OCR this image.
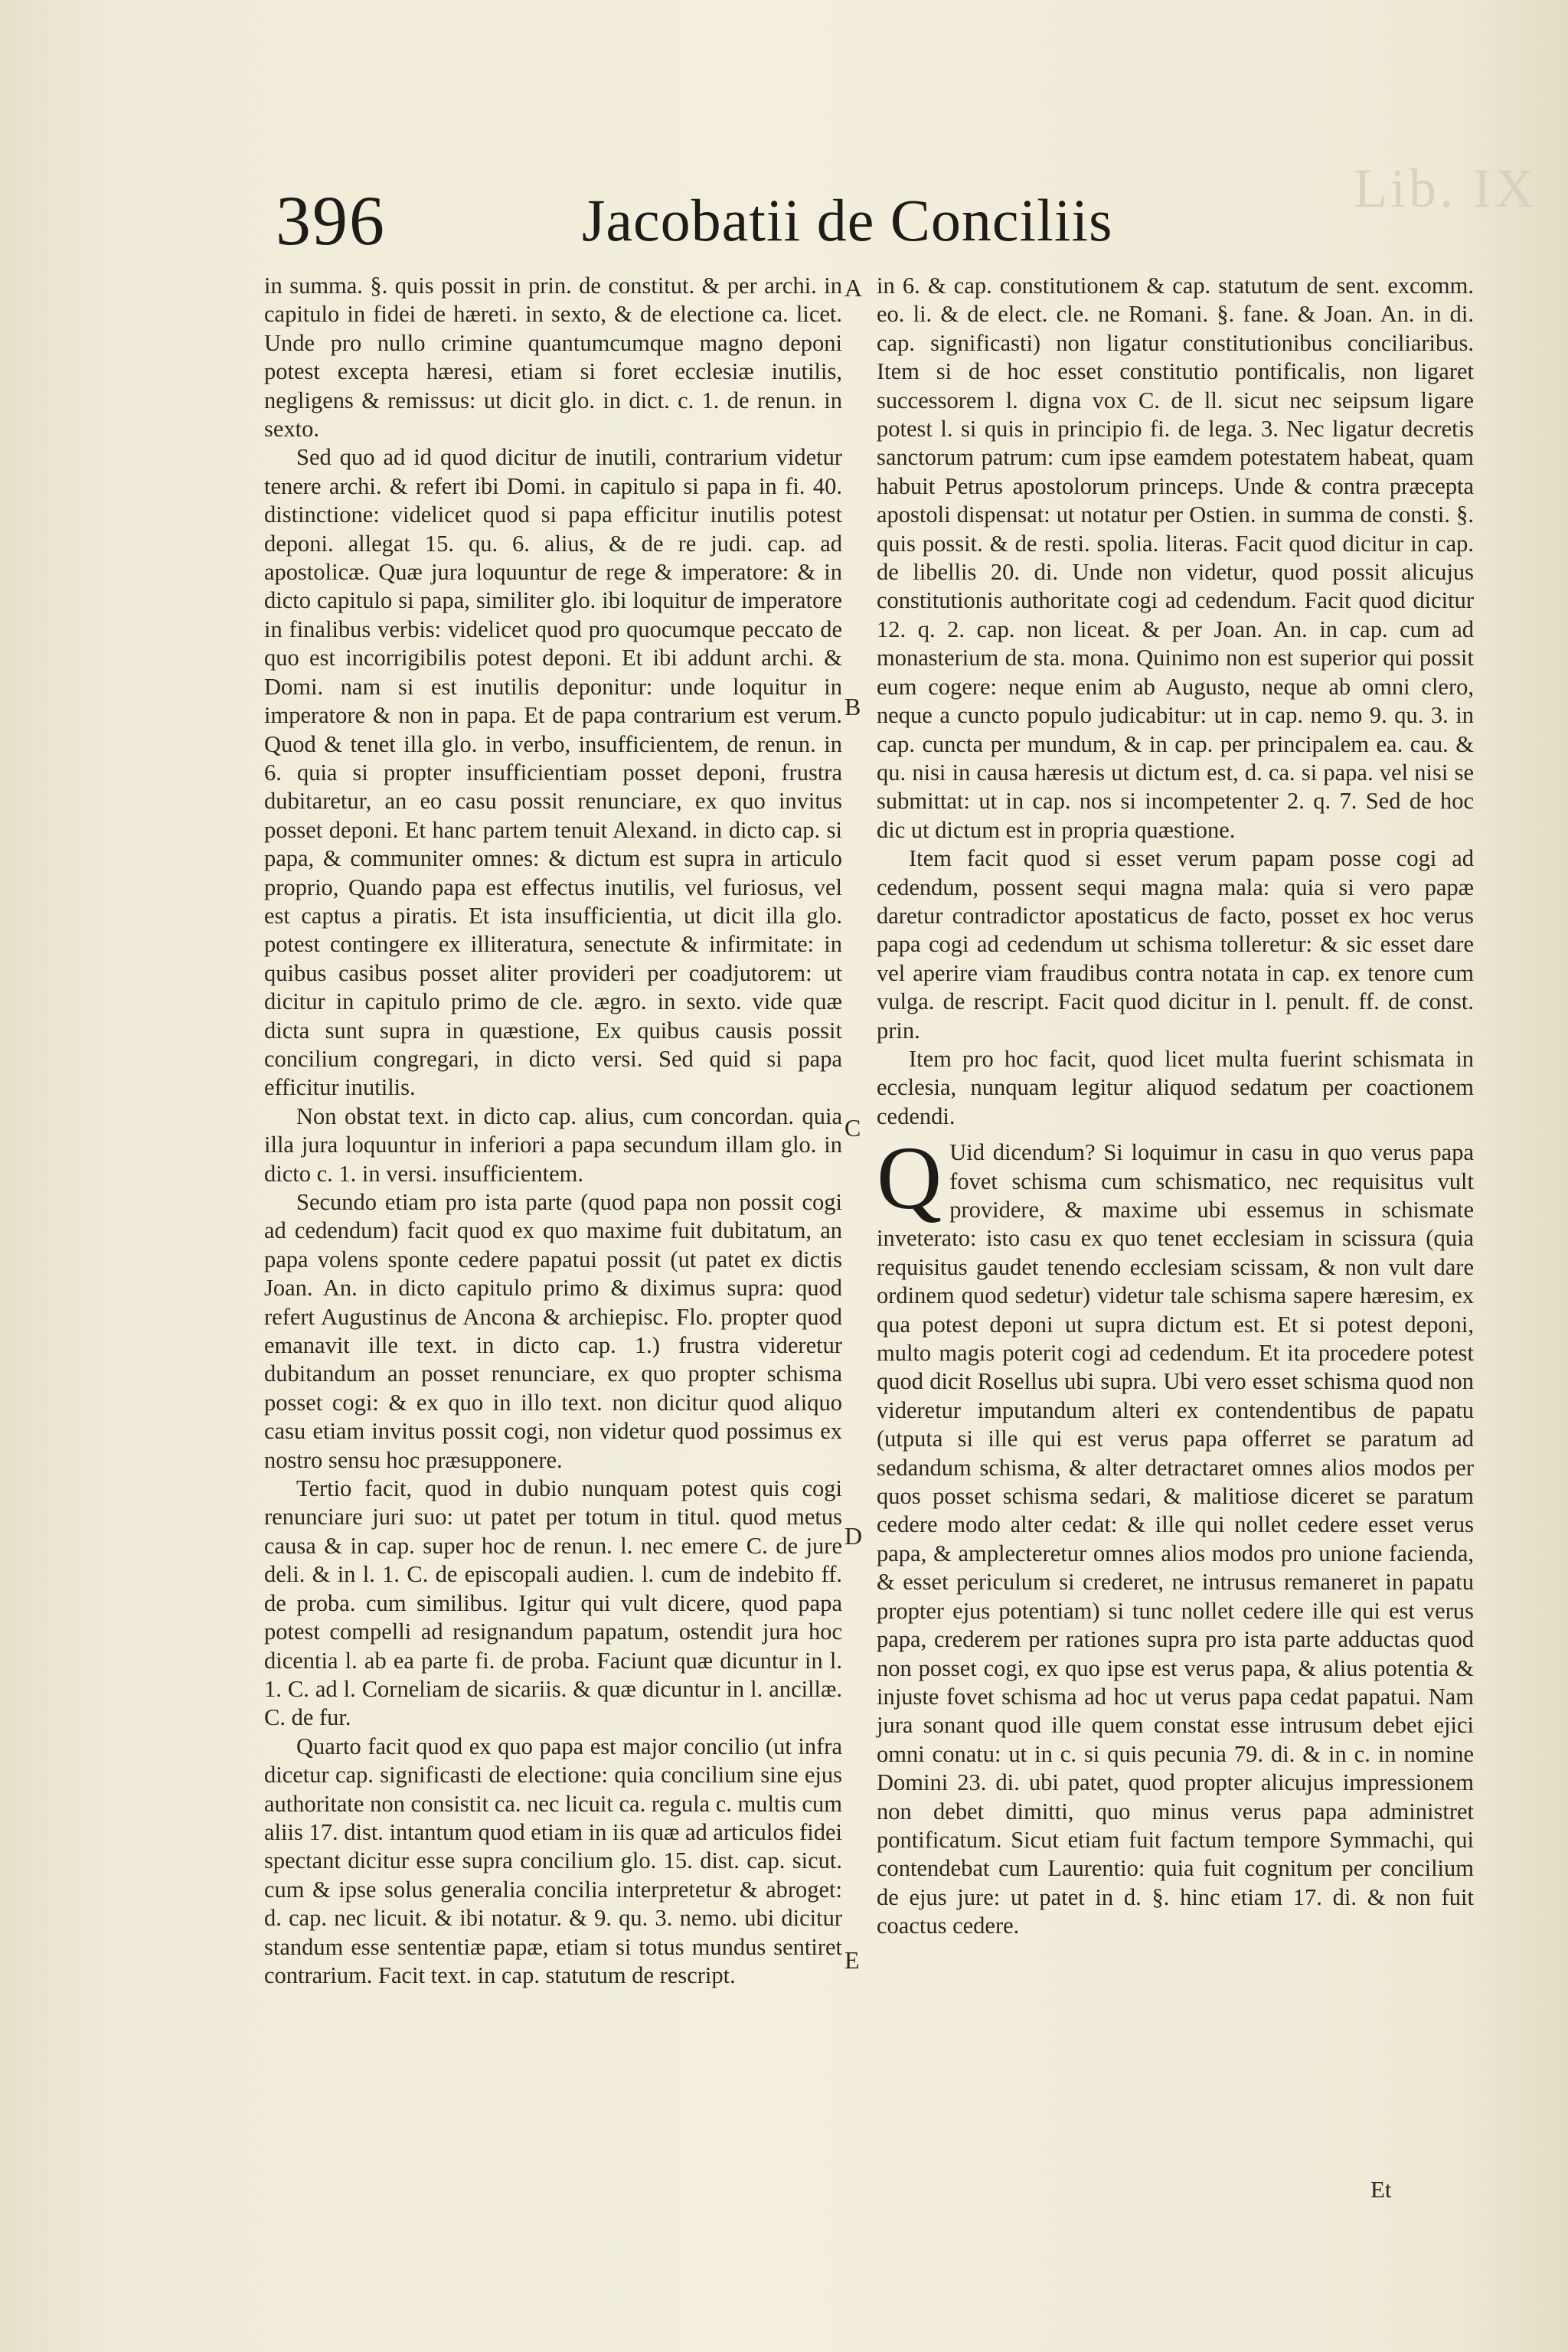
Lib. IX
396	Jacobatii de Conciliis

in summa. §. quis possit in prin. de constitut. & per archi. in capitulo in fidei de hæreti. in sexto, & de electione ca. licet. Unde pro nullo crimine quantumcumque magno deponi potest excepta hæresi, etiam si foret ecclesiæ inutilis, negligens & remissus: ut dicit glo. in dict. c. 1. de renun. in sexto.

Sed quo ad id quod dicitur de inutili, contrarium videtur tenere archi. & refert ibi Domi. in capitulo si papa in fi. 40. distinctione: videlicet quod si papa efficitur inutilis potest deponi. allegat 15. qu. 6. alius, & de re judi. cap. ad apostolicæ. Quæ jura loquuntur de rege & imperatore: & in dicto capitulo si papa, similiter glo. ibi loquitur de imperatore in finalibus verbis: videlicet quod pro quocumque peccato de quo est incorrigibilis potest deponi. Et ibi addunt archi. & Domi. nam si est inutilis deponitur: unde loquitur in imperatore & non in papa. Et de papa contrarium est verum. Quod & tenet illa glo. in verbo, insufficientem, de renun. in 6. quia si propter insufficientiam posset deponi, frustra dubitaretur, an eo casu possit renunciare, ex quo invitus posset deponi. Et hanc partem tenuit Alexand. in dicto cap. si papa, & communiter omnes: & dictum est supra in articulo proprio, Quando papa est effectus inutilis, vel furiosus, vel est captus a piratis. Et ista insufficientia, ut dicit illa glo. potest contingere ex illiteratura, senectute & infirmitate: in quibus casibus posset aliter provideri per coadjutorem: ut dicitur in capitulo primo de cle. ægro. in sexto. vide quæ dicta sunt supra in quæstione, Ex quibus causis possit concilium congregari, in dicto versi. Sed quid si papa efficitur inutilis.

Non obstat text. in dicto cap. alius, cum concordan. quia illa jura loquuntur in inferiori a papa secundum illam glo. in dicto c. 1. in versi. insufficientem.

Secundo etiam pro ista parte (quod papa non possit cogi ad cedendum) facit quod ex quo maxime fuit dubitatum, an papa volens sponte cedere papatui possit (ut patet ex dictis Joan. An. in dicto capitulo primo & diximus supra: quod refert Augustinus de Ancona & archiepisc. Flo. propter quod emanavit ille text. in dicto cap. 1.) frustra videretur dubitandum an posset renunciare, ex quo propter schisma posset cogi: & ex quo in illo text. non dicitur quod aliquo casu etiam invitus possit cogi, non videtur quod possimus ex nostro sensu hoc præsupponere.

Tertio facit, quod in dubio nunquam potest quis cogi renunciare juri suo: ut patet per totum in titul. quod metus causa & in cap. super hoc de renun. l. nec emere C. de jure deli. & in l. 1. C. de episcopali audien. l. cum de indebito ff. de proba. cum similibus. Igitur qui vult dicere, quod papa potest compelli ad resignandum papatum, ostendit jura hoc dicentia l. ab ea parte fi. de proba. Faciunt quæ dicuntur in l. 1. C. ad l. Corneliam de sicariis. & quæ dicuntur in l. ancillæ. C. de fur.

Quarto facit quod ex quo papa est major concilio (ut infra dicetur cap. significasti de electione: quia concilium sine ejus authoritate non consistit ca. nec licuit ca. regula c. multis cum aliis 17. dist. intantum quod etiam in iis quæ ad articulos fidei spectant dicitur esse supra concilium glo. 15. dist. cap. sicut. cum & ipse solus generalia concilia interpretetur & abroget: d. cap. nec licuit. & ibi notatur. & 9. qu. 3. nemo. ubi dicitur standum esse sententiæ papæ, etiam si totus mundus sentiret contrarium. Facit text. in cap. statutum de rescript.

A
B
C
D
E

in 6. & cap. constitutionem & cap. statutum de sent. excomm. eo. li. & de elect. cle. ne Romani. §. fane. & Joan. An. in di. cap. significasti) non ligatur constitutionibus conciliaribus. Item si de hoc esset constitutio pontificalis, non ligaret successorem l. digna vox C. de ll. sicut nec seipsum ligare potest l. si quis in principio fi. de lega. 3. Nec ligatur decretis sanctorum patrum: cum ipse eamdem potestatem habeat, quam habuit Petrus apostolorum princeps. Unde & contra præcepta apostoli dispensat: ut notatur per Ostien. in summa de consti. §. quis possit. & de resti. spolia. literas. Facit quod dicitur in cap. de libellis 20. di. Unde non videtur, quod possit alicujus constitutionis authoritate cogi ad cedendum. Facit quod dicitur 12. q. 2. cap. non liceat. & per Joan. An. in cap. cum ad monasterium de sta. mona. Quinimo non est superior qui possit eum cogere: neque enim ab Augusto, neque ab omni clero, neque a cuncto populo judicabitur: ut in cap. nemo 9. qu. 3. in cap. cuncta per mundum, & in cap. per principalem ea. cau. & qu. nisi in causa hæresis ut dictum est, d. ca. si papa. vel nisi se submittat: ut in cap. nos si incompetenter 2. q. 7. Sed de hoc dic ut dictum est in propria quæstione.

Item facit quod si esset verum papam posse cogi ad cedendum, possent sequi magna mala: quia si vero papæ daretur contradictor apostaticus de facto, posset ex hoc verus papa cogi ad cedendum ut schisma tolleretur: & sic esset dare vel aperire viam fraudibus contra notata in cap. ex tenore cum vulga. de rescript. Facit quod dicitur in l. penult. ff. de const. prin.

Item pro hoc facit, quod licet multa fuerint schismata in ecclesia, nunquam legitur aliquod sedatum per coactionem cedendi.

Q Uid dicendum? Si loquimur in casu in quo verus papa fovet schisma cum schismatico, nec requisitus vult providere, & maxime ubi essemus in schismate inveterato: isto casu ex quo tenet ecclesiam in scissura (quia requisitus gaudet tenendo ecclesiam scissam, & non vult dare ordinem quod sedetur) videtur tale schisma sapere hæresim, ex qua potest deponi ut supra dictum est. Et si potest deponi, multo magis poterit cogi ad cedendum. Et ita procedere potest quod dicit Rosellus ubi supra. Ubi vero esset schisma quod non videretur imputandum alteri ex contendentibus de papatu (utputa si ille qui est verus papa offerret se paratum ad sedandum schisma, & alter detractaret omnes alios modos per quos posset schisma sedari, & malitiose diceret se paratum cedere modo alter cedat: & ille qui nollet cedere esset verus papa, & amplecteretur omnes alios modos pro unione facienda, & esset periculum si crederet, ne intrusus remaneret in papatu propter ejus potentiam) si tunc nollet cedere ille qui est verus papa, crederem per rationes supra pro ista parte adductas quod non posset cogi, ex quo ipse est verus papa, & alius potentia & injuste fovet schisma ad hoc ut verus papa cedat papatui. Nam jura sonant quod ille quem constat esse intrusum debet ejici omni conatu: ut in c. si quis pecunia 79. di. & in c. in nomine Domini 23. di. ubi patet, quod propter alicujus impressionem non debet dimitti, quo minus verus papa administret pontificatum. Sicut etiam fuit factum tempore Symmachi, qui contendebat cum Laurentio: quia fuit cognitum per concilium de ejus jure: ut patet in d. §. hinc etiam 17. di. & non fuit coactus cedere.

Et
